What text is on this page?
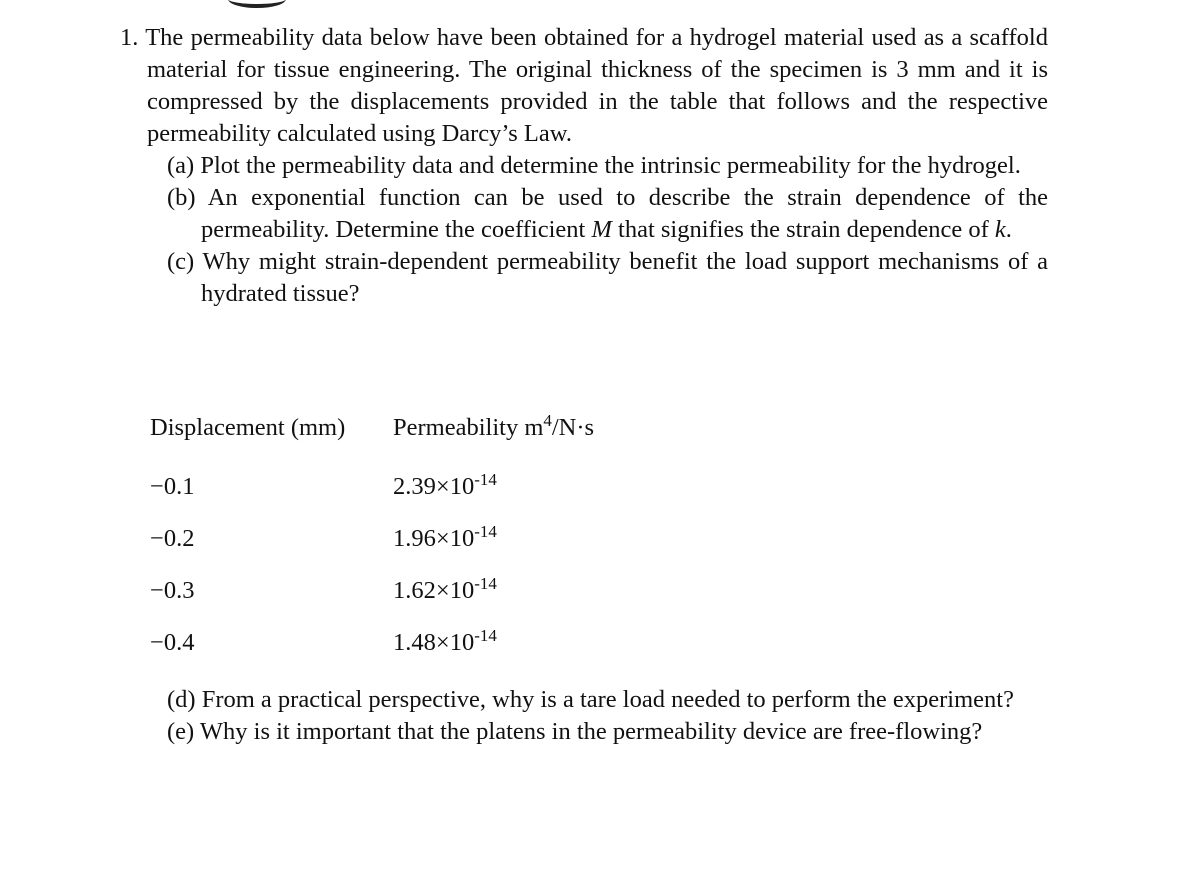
1. The permeability data below have been obtained for a hydrogel material used as a scaffold material for tissue engineering. The original thickness of the specimen is 3 mm and it is compressed by the displacements provided in the table that follows and the respective permeability calculated using Darcy’s Law.

(a) Plot the permeability data and determine the intrinsic permeability for the hydrogel.

(b) An exponential function can be used to describe the strain dependence of the permeability. Determine the coefficient M that signifies the strain dependence of k.

(c) Why might strain-dependent permeability benefit the load support mechanisms of a hydrated tissue?

Displacement (mm)	Permeability $m^4/N\cdot s$
−0.1	$2.39\times 10^{-14}$
−0.2	$1.96\times 10^{-14}$
−0.3	$1.62\times 10^{-14}$
−0.4	$1.48\times 10^{-14}$

(d) From a practical perspective, why is a tare load needed to perform the experiment?

(e) Why is it important that the platens in the permeability device are free-flowing?
